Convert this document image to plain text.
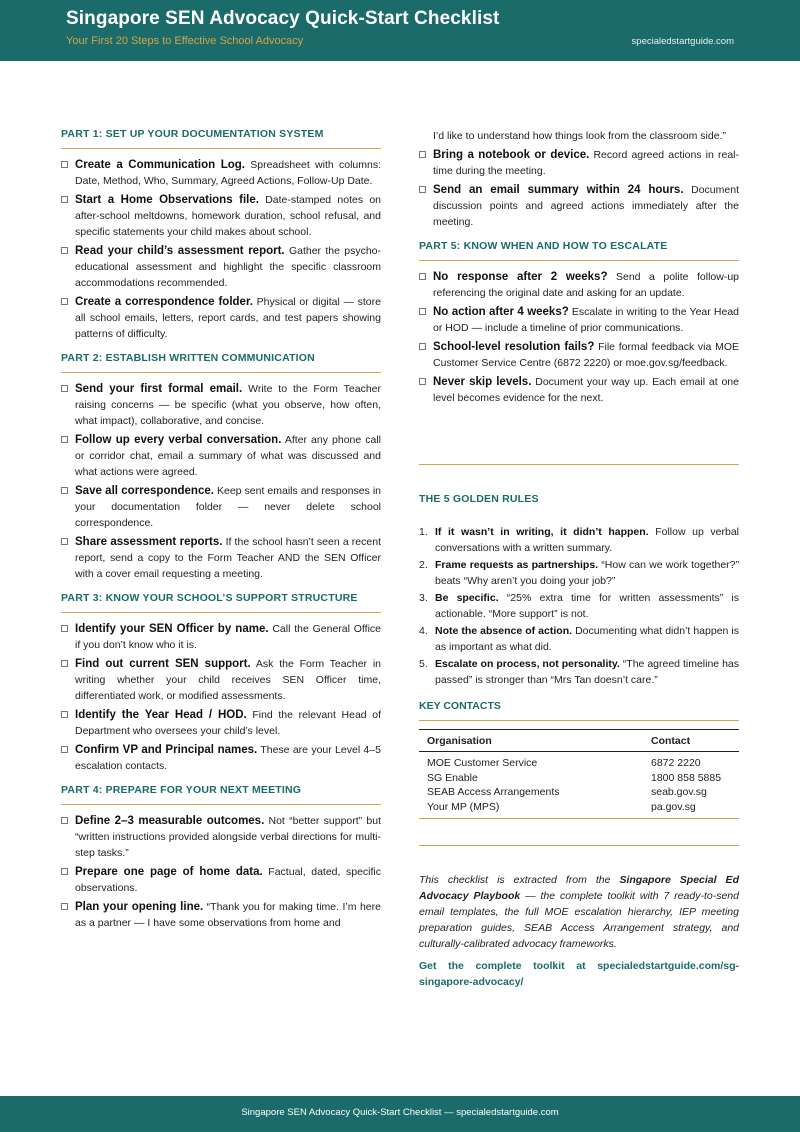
Singapore SEN Advocacy Quick-Start Checklist
Your First 20 Steps to Effective School Advocacy	specialedstartguide.com
PART 1: SET UP YOUR DOCUMENTATION SYSTEM
Create a Communication Log. Spreadsheet with columns: Date, Method, Who, Summary, Agreed Actions, Follow-Up Date.
Start a Home Observations file. Date-stamped notes on after-school meltdowns, homework duration, school refusal, and specific statements your child makes about school.
Read your child’s assessment report. Gather the psycho-educational assessment and highlight the specific classroom accommodations recommended.
Create a correspondence folder. Physical or digital — store all school emails, letters, report cards, and test papers showing patterns of difficulty.
PART 2: ESTABLISH WRITTEN COMMUNICATION
Send your first formal email. Write to the Form Teacher raising concerns — be specific (what you observe, how often, what impact), collaborative, and concise.
Follow up every verbal conversation. After any phone call or corridor chat, email a summary of what was discussed and what actions were agreed.
Save all correspondence. Keep sent emails and responses in your documentation folder — never delete school correspondence.
Share assessment reports. If the school hasn’t seen a recent report, send a copy to the Form Teacher AND the SEN Officer with a cover email requesting a meeting.
PART 3: KNOW YOUR SCHOOL’S SUPPORT STRUCTURE
Identify your SEN Officer by name. Call the General Office if you don’t know who it is.
Find out current SEN support. Ask the Form Teacher in writing whether your child receives SEN Officer time, differentiated work, or modified assessments.
Identify the Year Head / HOD. Find the relevant Head of Department who oversees your child’s level.
Confirm VP and Principal names. These are your Level 4–5 escalation contacts.
PART 4: PREPARE FOR YOUR NEXT MEETING
Define 2–3 measurable outcomes. Not “better support” but “written instructions provided alongside verbal directions for multi-step tasks.”
Prepare one page of home data. Factual, dated, specific observations.
Plan your opening line. “Thank you for making time. I’m here as a partner — I have some observations from home and
I’d like to understand how things look from the classroom side.”
Bring a notebook or device. Record agreed actions in real-time during the meeting.
Send an email summary within 24 hours. Document discussion points and agreed actions immediately after the meeting.
PART 5: KNOW WHEN AND HOW TO ESCALATE
No response after 2 weeks? Send a polite follow-up referencing the original date and asking for an update.
No action after 4 weeks? Escalate in writing to the Year Head or HOD — include a timeline of prior communications.
School-level resolution fails? File formal feedback via MOE Customer Service Centre (6872 2220) or moe.gov.sg/feedback.
Never skip levels. Document your way up. Each email at one level becomes evidence for the next.
THE 5 GOLDEN RULES
1. If it wasn’t in writing, it didn’t happen. Follow up verbal conversations with a written summary.
2. Frame requests as partnerships. “How can we work together?” beats “Why aren’t you doing your job?”
3. Be specific. “25% extra time for written assessments” is actionable. “More support” is not.
4. Note the absence of action. Documenting what didn’t happen is as important as what did.
5. Escalate on process, not personality. “The agreed timeline has passed” is stronger than “Mrs Tan doesn’t care.”
KEY CONTACTS
Organisation	Contact
MOE Customer Service	6872 2220
SG Enable	1800 858 5885
SEAB Access Arrangements	seab.gov.sg
Your MP (MPS)	pa.gov.sg
This checklist is extracted from the Singapore Special Ed Advocacy Playbook — the complete toolkit with 7 ready-to-send email templates, the full MOE escalation hierarchy, IEP meeting preparation guides, SEAB Access Arrangement strategy, and culturally-calibrated advocacy frameworks.
Get the complete toolkit at specialedstartguide.com/sg-singapore-advocacy/
Singapore SEN Advocacy Quick-Start Checklist — specialedstartguide.com
